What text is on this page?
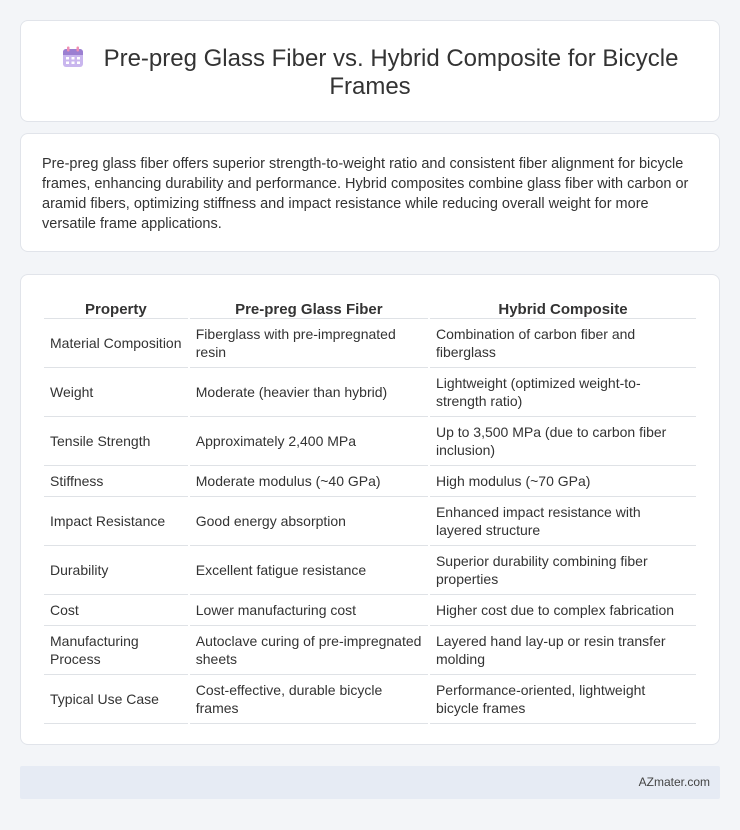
Pre-preg Glass Fiber vs. Hybrid Composite for Bicycle Frames

Pre-preg glass fiber offers superior strength-to-weight ratio and consistent fiber alignment for bicycle frames, enhancing durability and performance. Hybrid composites combine glass fiber with carbon or aramid fibers, optimizing stiffness and impact resistance while reducing overall weight for more versatile frame applications.

Property	Pre-preg Glass Fiber	Hybrid Composite
Material Composition	Fiberglass with pre-impregnated resin	Combination of carbon fiber and fiberglass
Weight	Moderate (heavier than hybrid)	Lightweight (optimized weight-to-strength ratio)
Tensile Strength	Approximately 2,400 MPa	Up to 3,500 MPa (due to carbon fiber inclusion)
Stiffness	Moderate modulus (~40 GPa)	High modulus (~70 GPa)
Impact Resistance	Good energy absorption	Enhanced impact resistance with layered structure
Durability	Excellent fatigue resistance	Superior durability combining fiber properties
Cost	Lower manufacturing cost	Higher cost due to complex fabrication
Manufacturing Process	Autoclave curing of pre-impregnated sheets	Layered hand lay-up or resin transfer molding
Typical Use Case	Cost-effective, durable bicycle frames	Performance-oriented, lightweight bicycle frames
AZmater.com
